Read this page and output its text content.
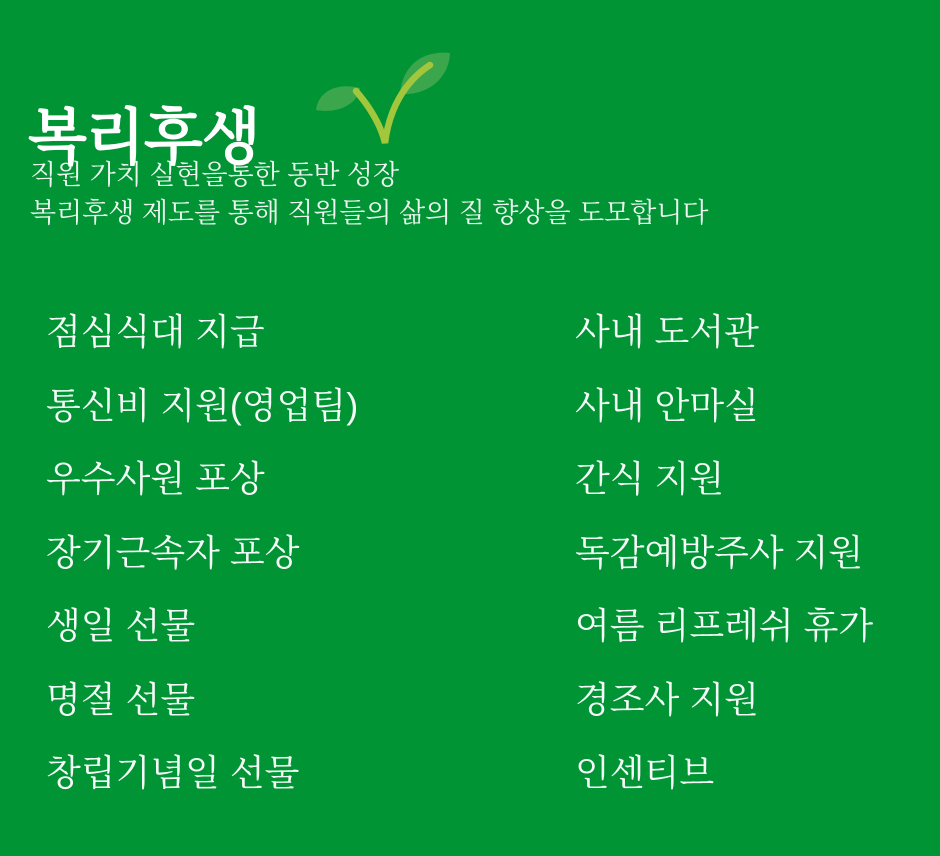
복리후생
직원 가치 실현을통한 동반 성장
복리후생 제도를 통해 직원들의 삶의 질 향상을 도모합니다
점심식대 지급
통신비 지원(영업팀)
우수사원 포상
장기근속자 포상
생일 선물
명절 선물
창립기념일 선물
사내 도서관
사내 안마실
간식 지원
독감예방주사 지원
여름 리프레쉬 휴가
경조사 지원
인센티브
